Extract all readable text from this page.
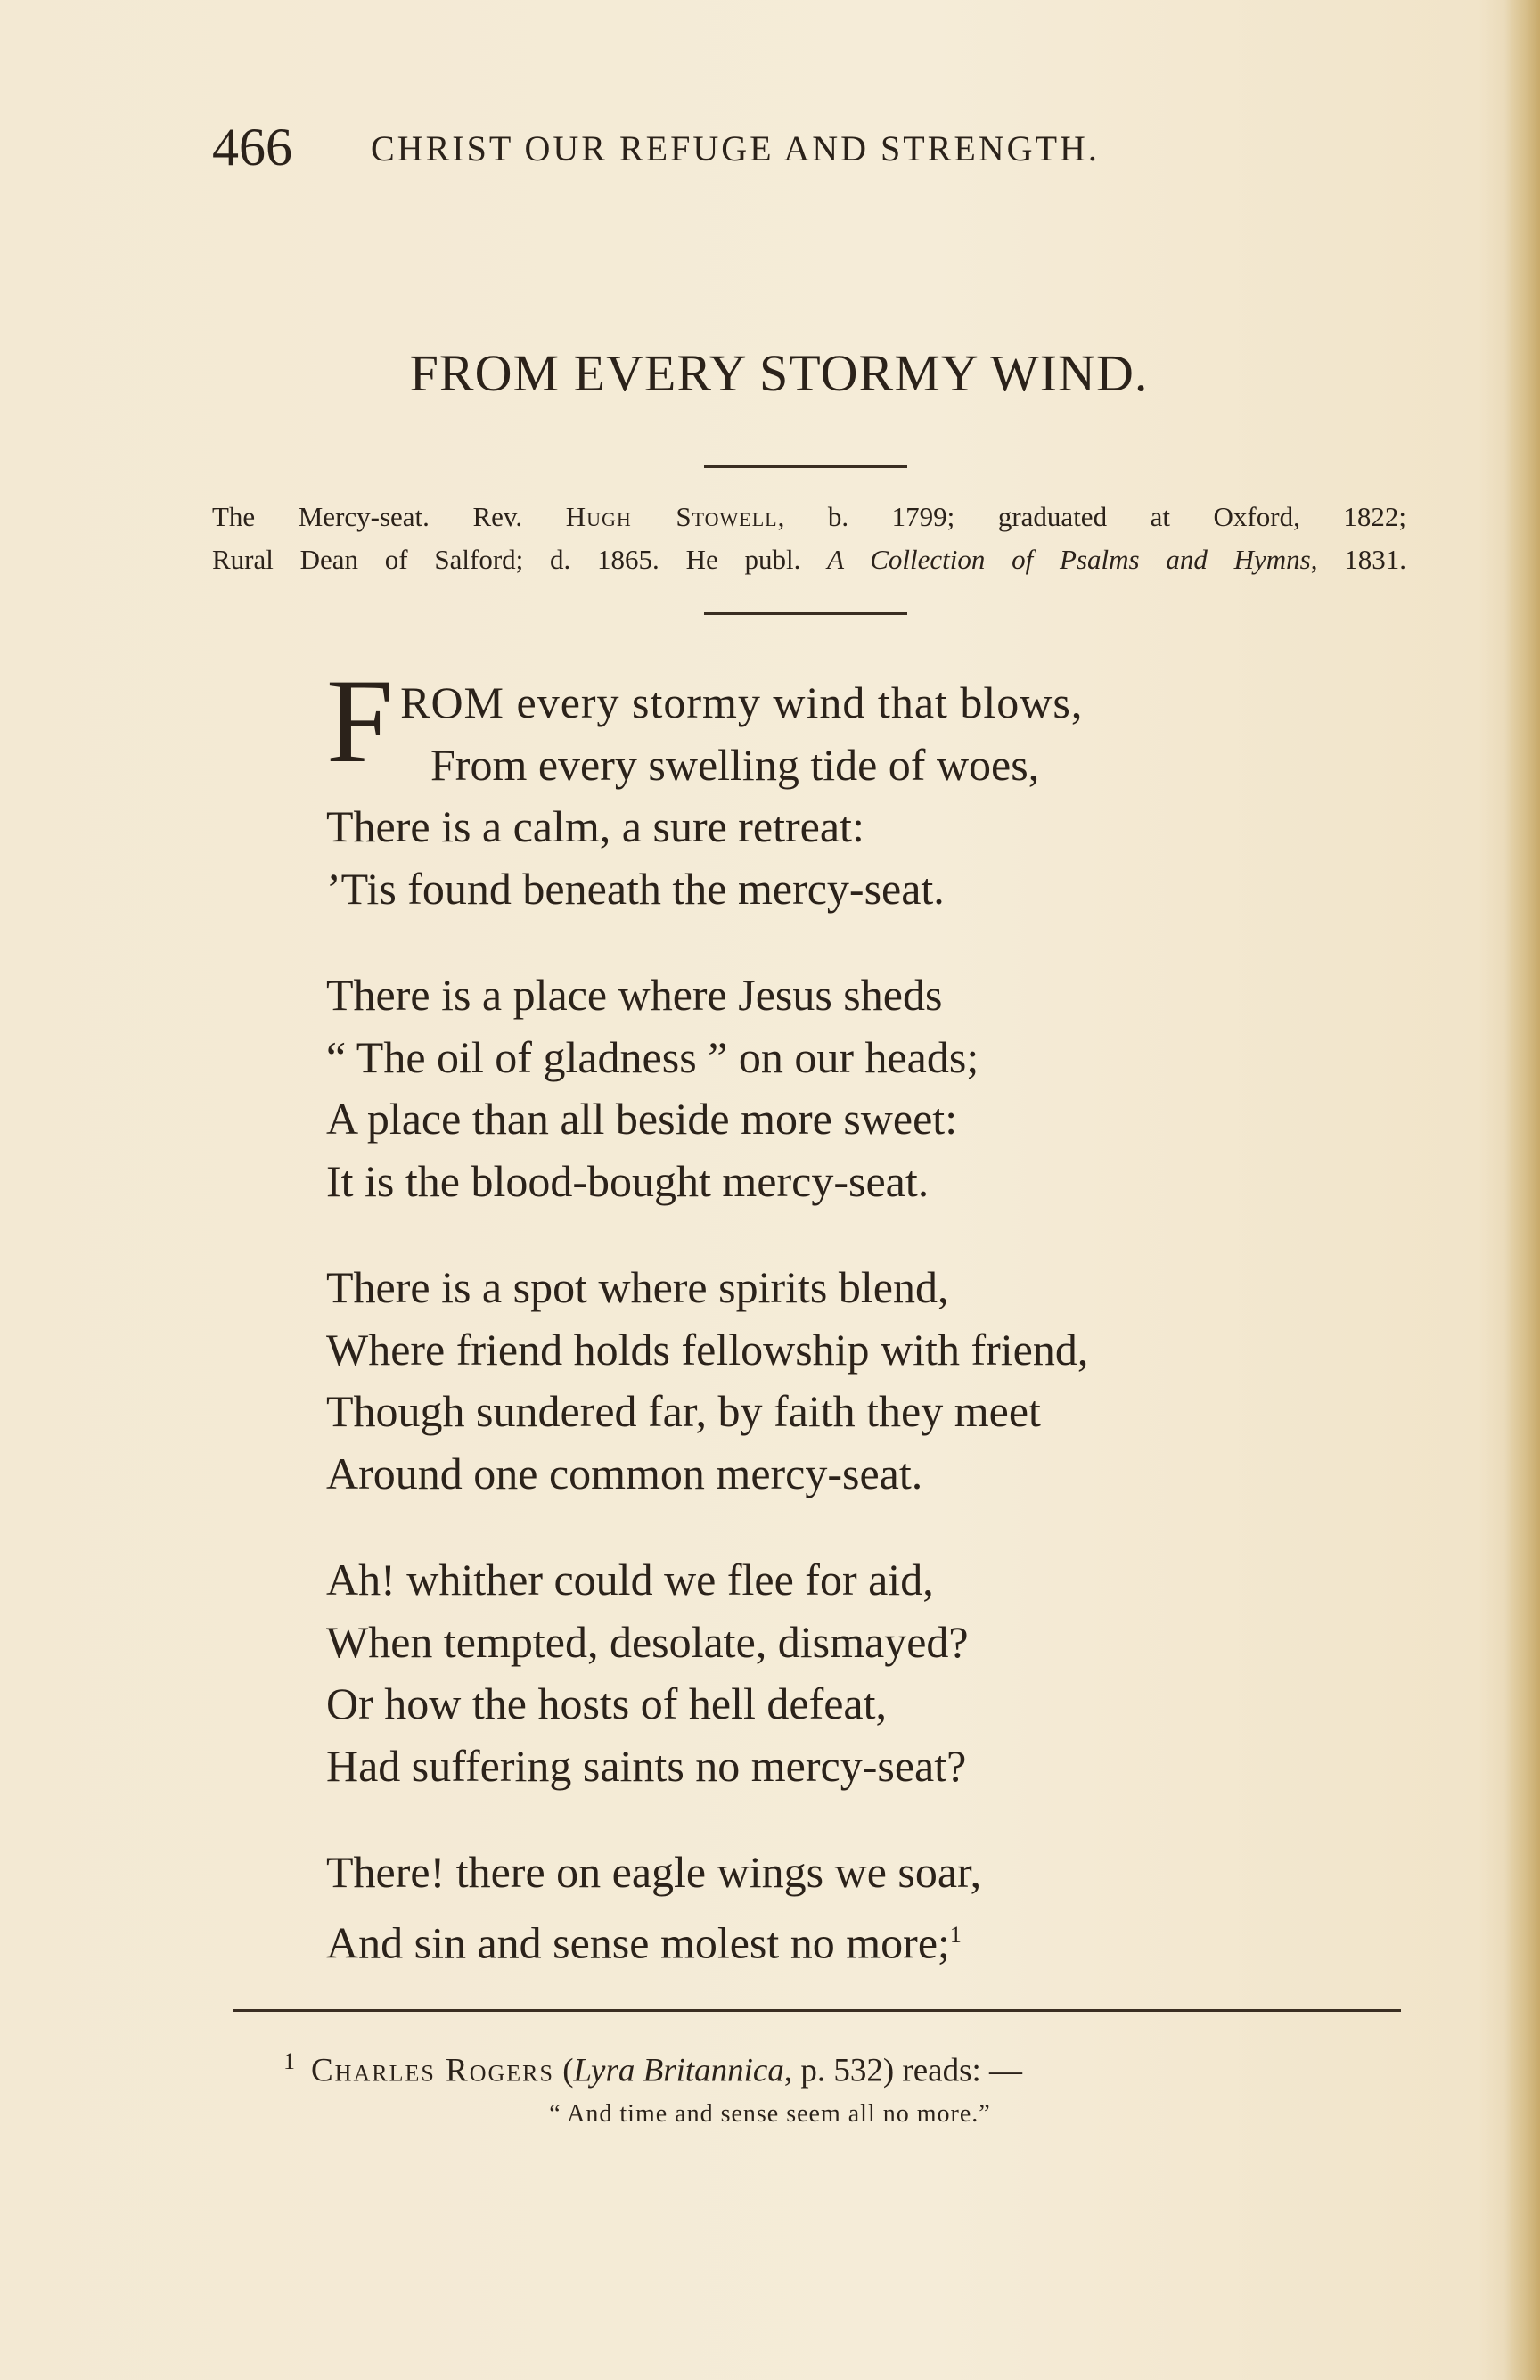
466 CHRIST OUR REFUGE AND STRENGTH.
FROM EVERY STORMY WIND.
The Mercy-seat. Rev. Hugh Stowell, b. 1799; graduated at Oxford, 1822;
Rural Dean of Salford; d. 1865. He publ. A Collection of Psalms and Hymns, 1831.
F ROM every stormy wind that blows,
From every swelling tide of woes,
There is a calm, a sure retreat:
’Tis found beneath the mercy-seat.
There is a place where Jesus sheds
“ The oil of gladness ” on our heads;
A place than all beside more sweet:
It is the blood-bought mercy-seat.
There is a spot where spirits blend,
Where friend holds fellowship with friend,
Though sundered far, by faith they meet
Around one common mercy-seat.
Ah! whither could we flee for aid,
When tempted, desolate, dismayed?
Or how the hosts of hell defeat,
Had suffering saints no mercy-seat?
There! there on eagle wings we soar,
And sin and sense molest no more;$^1$
$^1$ Charles Rogers (Lyra Britannica, p. 532) reads: —
“ And time and sense seem all no more.”
